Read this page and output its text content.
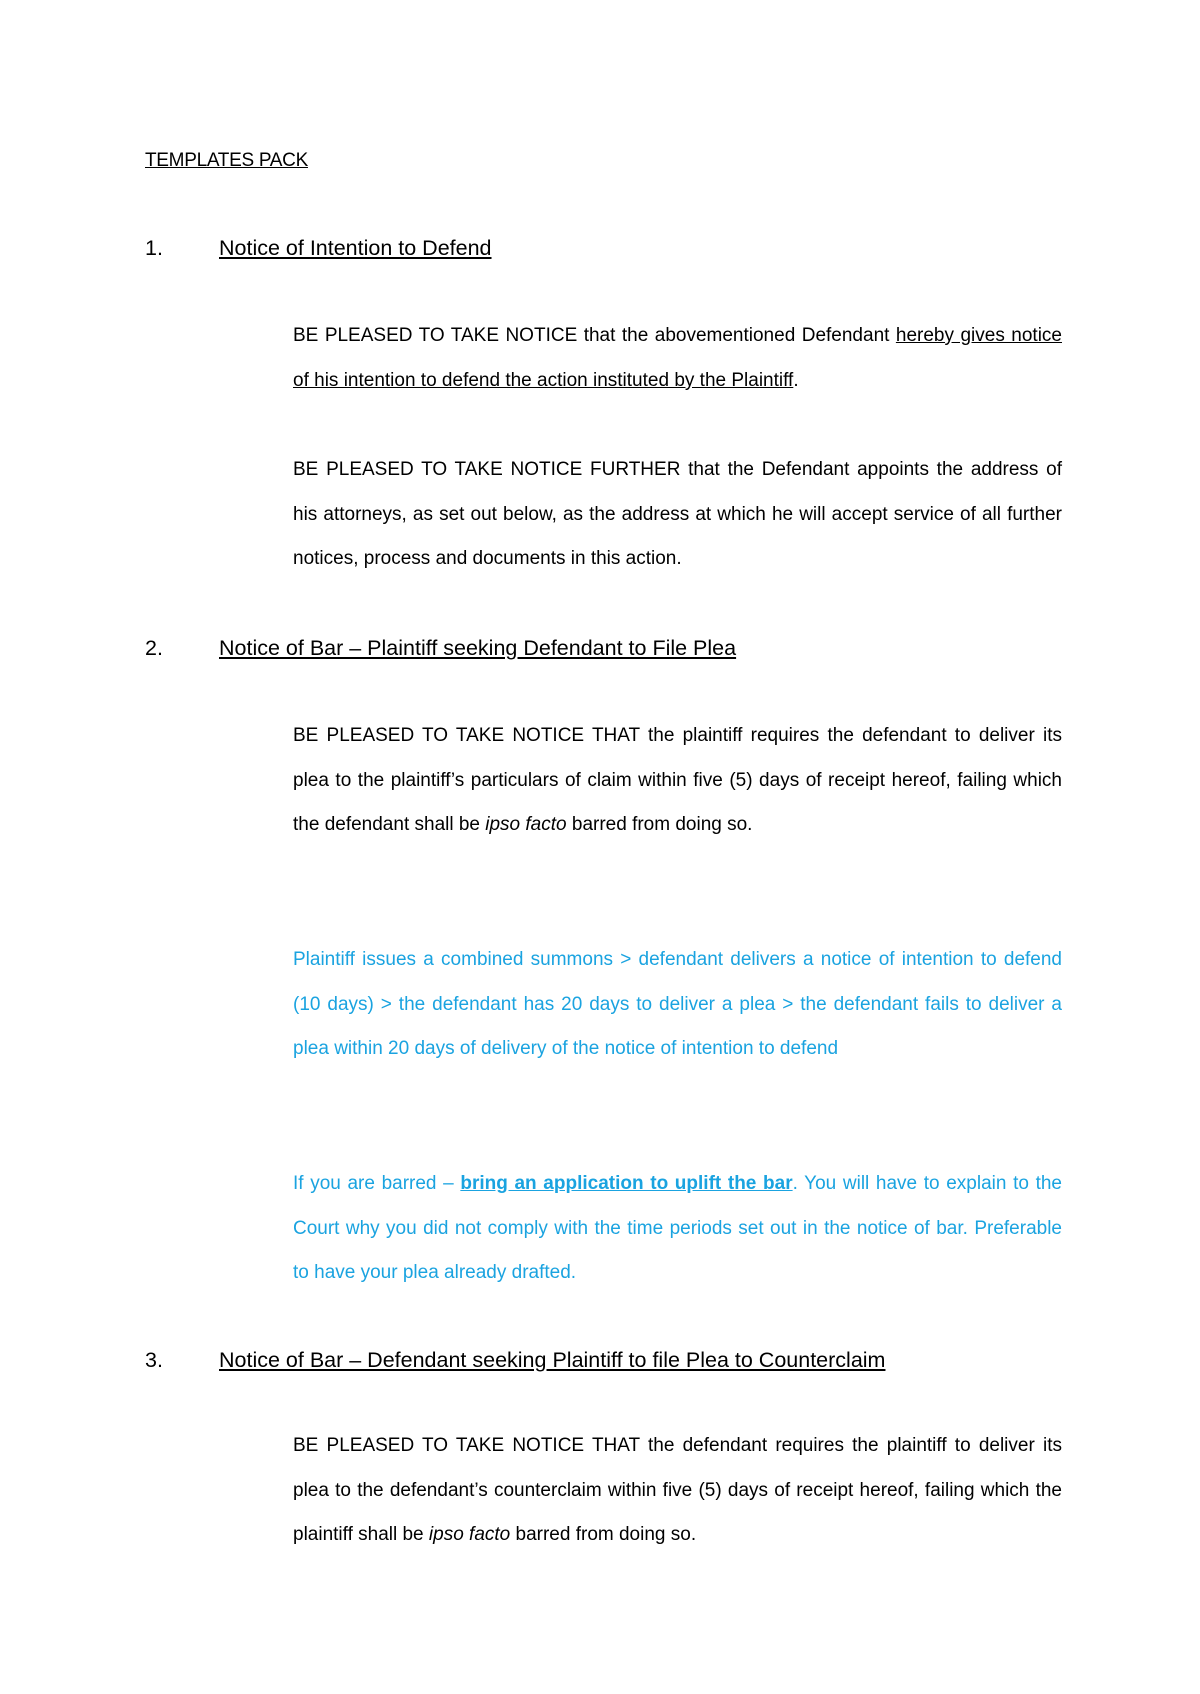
TEMPLATES PACK
1.	Notice of Intention to Defend

BE PLEASED TO TAKE NOTICE that the abovementioned Defendant hereby gives notice of his intention to defend the action instituted by the Plaintiff.

BE PLEASED TO TAKE NOTICE FURTHER that the Defendant appoints the address of his attorneys, as set out below, as the address at which he will accept service of all further notices, process and documents in this action.

2.	Notice of Bar – Plaintiff seeking Defendant to File Plea

BE PLEASED TO TAKE NOTICE THAT the plaintiff requires the defendant to deliver its plea to the plaintiff’s particulars of claim within five (5) days of receipt hereof, failing which the defendant shall be ipso facto barred from doing so.

Plaintiff issues a combined summons > defendant delivers a notice of intention to defend (10 days) > the defendant has 20 days to deliver a plea > the defendant fails to deliver a plea within 20 days of delivery of the notice of intention to defend

If you are barred – bring an application to uplift the bar. You will have to explain to the Court why you did not comply with the time periods set out in the notice of bar. Preferable to have your plea already drafted.

3.	Notice of Bar – Defendant seeking Plaintiff to file Plea to Counterclaim

BE PLEASED TO TAKE NOTICE THAT the defendant requires the plaintiff to deliver its plea to the defendant’s counterclaim within five (5) days of receipt hereof, failing which the plaintiff shall be ipso facto barred from doing so.
